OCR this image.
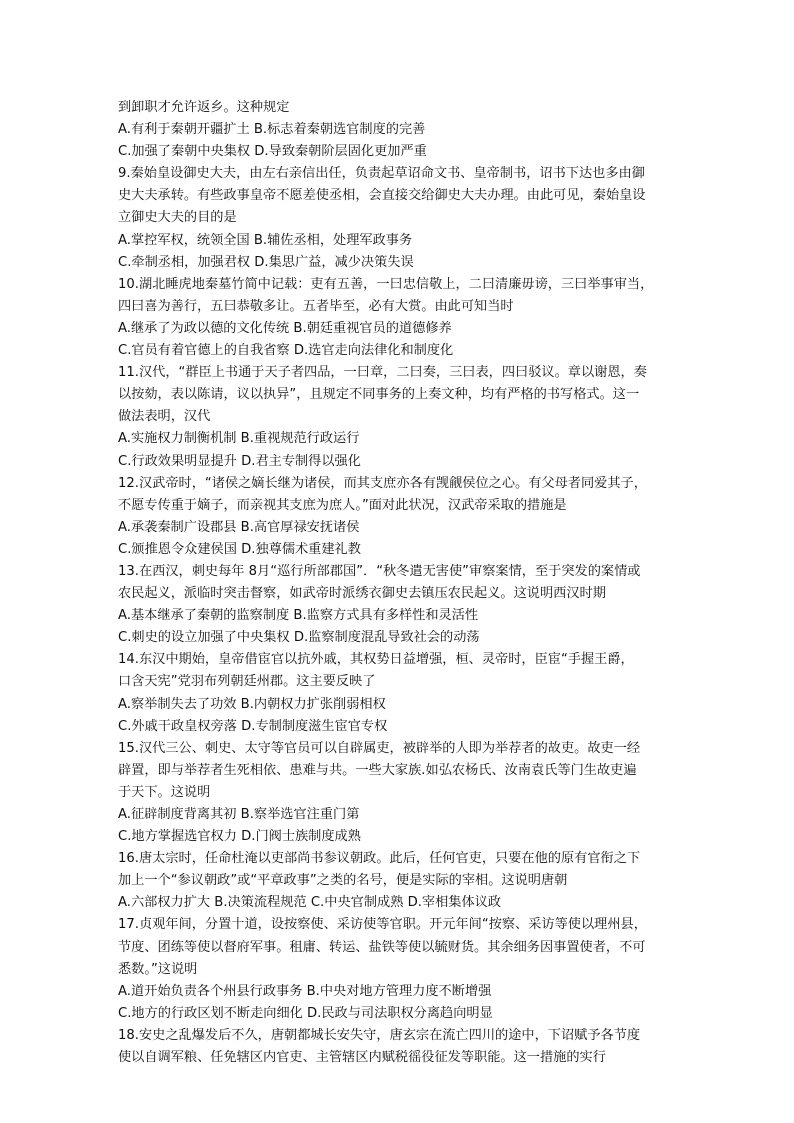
到卸职才允许返乡。这种规定
A.有利于秦朝开疆扩土 B.标志着秦朝选官制度的完善
C.加强了秦朝中央集权 D.导致秦朝阶层固化更加严重
9.秦始皇设御史大夫，由左右亲信出任，负责起草诏命文书、皇帝制书，诏书下达也多由御
史大夫承转。有些政事皇帝不愿差使丞相，会直接交给御史大夫办理。由此可见，秦始皇设
立御史大夫的目的是
A.掌控军权，统领全国 B.辅佐丞相，处理军政事务
C.牵制丞相，加强君权 D.集思广益，减少决策失误
10.湖北睡虎地秦墓竹简中记载：吏有五善，一曰忠信敬上，二曰清廉毋谤，三曰举事审当，
四曰喜为善行，五曰恭敬多让。五者毕至，必有大赏。由此可知当时
A.继承了为政以德的文化传统 B.朝廷重视官员的道德修养
C.官员有着官德上的自我省察 D.选官走向法律化和制度化
11.汉代，“群臣上书通于天子者四品，一曰章，二曰奏，三曰表，四曰驳议。章以谢恩，奏
以按劾，表以陈请，议以执异”，且规定不同事务的上奏文种，均有严格的书写格式。这一
做法表明，汉代
A.实施权力制衡机制 B.重视规范行政运行
C.行政效果明显提升 D.君主专制得以强化
12.汉武帝时，“诸侯之嫡长继为诸侯，而其支庶亦各有觊觎侯位之心。有父母者同爱其子，
不愿专传重于嫡子，而亲视其支庶为庶人。”面对此状况，汉武帝采取的措施是
A.承袭秦制广设郡县 B.高官厚禄安抚诸侯
C.颁推恩令众建侯国 D.独尊儒术重建礼教
13.在西汉，刺史每年 8月“巡行所部郡国”．“秋冬遣无害使”审察案情，至于突发的案情或
农民起义，派临时突击督察，如武帝时派绣衣御史去镇压农民起义。这说明西汉时期
A.基本继承了秦朝的监察制度 B.监察方式具有多样性和灵活性
C.刺史的设立加强了中央集权 D.监察制度混乱导致社会的动荡
14.东汉中期始，皇帝借宦官以抗外戚，其权势日益增强，桓、灵帝时，臣宦“手握王爵，
口含天宪”党羽布列朝廷州郡。这主要反映了
A.察举制失去了功效 B.内朝权力扩张削弱相权
C.外戚干政皇权旁落 D.专制制度滋生宦官专权
15.汉代三公、刺史、太守等官员可以自辟属吏，被辟举的人即为举荐者的故吏。故吏一经
辟置，即与举荐者生死相依、患难与共。一些大家族.如弘农杨氏、汝南袁氏等门生故吏遍
于天下。这说明
A.征辟制度背离其初 B.察举选官注重门第
C.地方掌握选官权力 D.门阀士族制度成熟
16.唐太宗时，任命杜淹以吏部尚书参议朝政。此后，任何官吏，只要在他的原有官衔之下
加上一个“参议朝政”或“平章政事”之类的名号，便是实际的宰相。这说明唐朝
A.六部权力扩大 B.决策流程规范 C.中央官制成熟 D.宰相集体议政
17.贞观年间，分置十道，设按察使、采访使等官职。开元年间“按察、采访等使以理州县，
节度、团练等使以督府军事。租庸、转运、盐铁等使以毓财货。其余细务因事置使者，不可
悉数。”这说明
A.道开始负责各个州县行政事务 B.中央对地方管理力度不断增强
C.地方的行政区划不断走向细化 D.民政与司法职权分离趋向明显
18.安史之乱爆发后不久，唐朝都城长安失守，唐玄宗在流亡四川的途中，下诏赋予各节度
使以自调军粮、任免辖区内官吏、主管辖区内赋税徭役征发等职能。这一措施的实行
